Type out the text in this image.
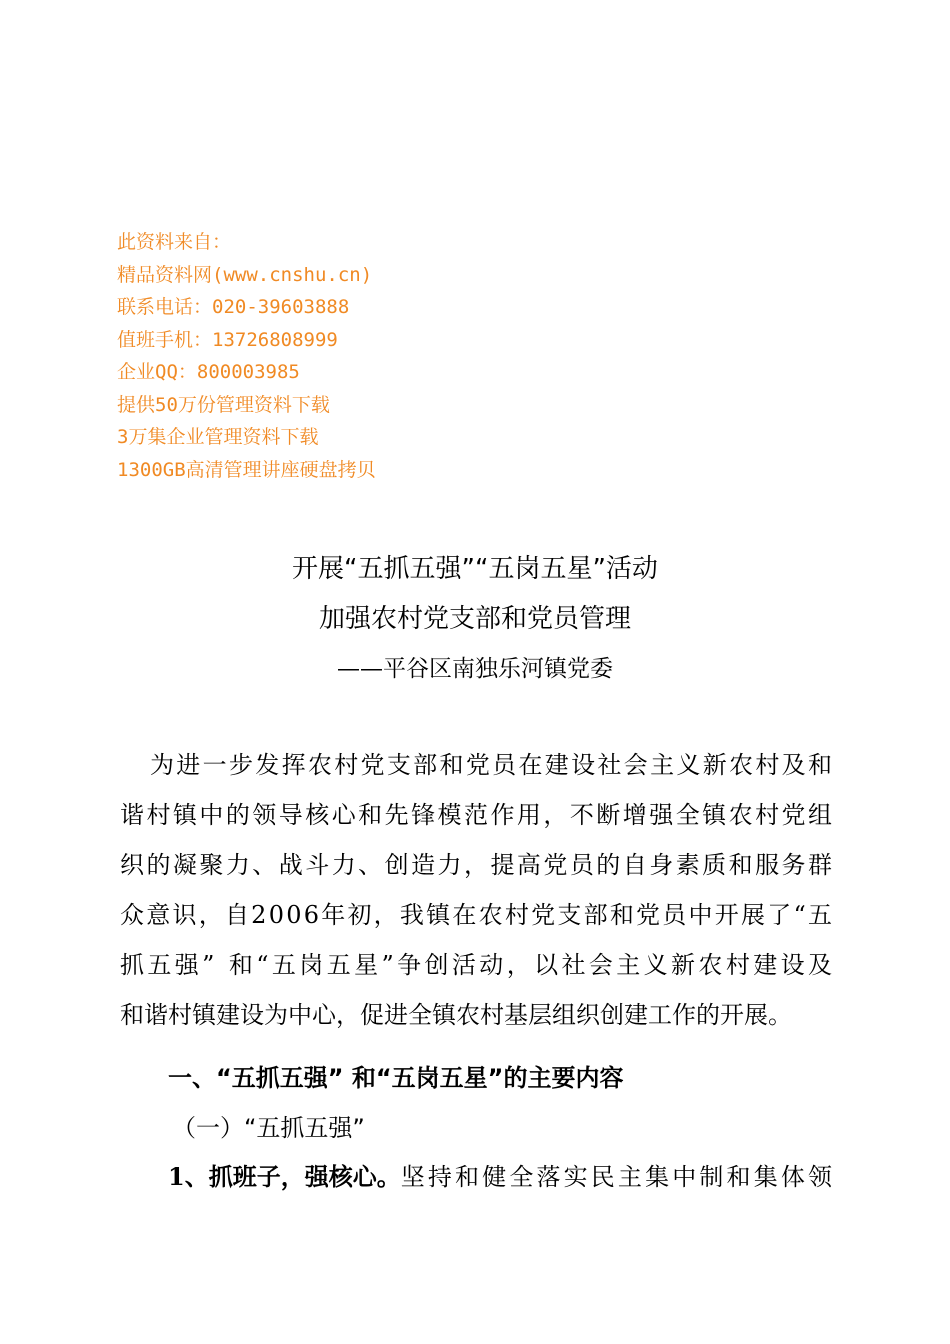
此资料来自：
精品资料网(www.cnshu.cn)
联系电话：020-39603888
值班手机：13726808999
企业QQ：800003985
提供50万份管理资料下载
3万集企业管理资料下载
1300GB高清管理讲座硬盘拷贝
开展“五抓五强”“五岗五星”活动
加强农村党支部和党员管理
——平谷区南独乐河镇党委
为进一步发挥农村党支部和党员在建设社会主义新农村及和
谐村镇中的领导核心和先锋模范作用，不断增强全镇农村党组
织的凝聚力、战斗力、创造力，提高党员的自身素质和服务群
众意识，自2006年初，我镇在农村党支部和党员中开展了“五
抓五强” 和“五岗五星”争创活动，以社会主义新农村建设及
和谐村镇建设为中心，促进全镇农村基层组织创建工作的开展。
一、“五抓五强” 和“五岗五星”的主要内容
（一）“五抓五强”
1、抓班子，强核心。 坚持和健全落实民主集中制和集体领
